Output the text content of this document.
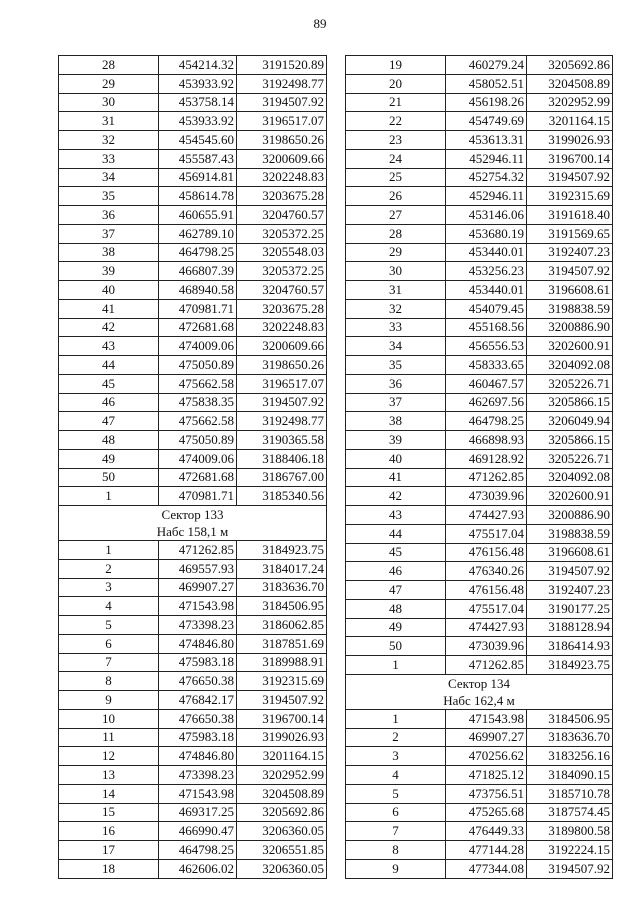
89
28	454214.32	3191520.89
29	453933.92	3192498.77
30	453758.14	3194507.92
31	453933.92	3196517.07
32	454545.60	3198650.26
33	455587.43	3200609.66
34	456914.81	3202248.83
35	458614.78	3203675.28
36	460655.91	3204760.57
37	462789.10	3205372.25
38	464798.25	3205548.03
39	466807.39	3205372.25
40	468940.58	3204760.57
41	470981.71	3203675.28
42	472681.68	3202248.83
43	474009.06	3200609.66
44	475050.89	3198650.26
45	475662.58	3196517.07
46	475838.35	3194507.92
47	475662.58	3192498.77
48	475050.89	3190365.58
49	474009.06	3188406.18
50	472681.68	3186767.00
1	470981.71	3185340.56

Сектор 133
Набс 158,1 м		

1	471262.85	3184923.75
2	469557.93	3184017.24
3	469907.27	3183636.70
4	471543.98	3184506.95
5	473398.23	3186062.85
6	474846.80	3187851.69
7	475983.18	3189988.91
8	476650.38	3192315.69
9	476842.17	3194507.92
10	476650.38	3196700.14
11	475983.18	3199026.93
12	474846.80	3201164.15
13	473398.23	3202952.99
14	471543.98	3204508.89
15	469317.25	3205692.86
16	466990.47	3206360.05
17	464798.25	3206551.85
18	462606.02	3206360.05
19	460279.24	3205692.86
20	458052.51	3204508.89
21	456198.26	3202952.99
22	454749.69	3201164.15
23	453613.31	3199026.93
24	452946.11	3196700.14
25	452754.32	3194507.92
26	452946.11	3192315.69
27	453146.06	3191618.40
28	453680.19	3191569.65
29	453440.01	3192407.23
30	453256.23	3194507.92
31	453440.01	3196608.61
32	454079.45	3198838.59
33	455168.56	3200886.90
34	456556.53	3202600.91
35	458333.65	3204092.08
36	460467.57	3205226.71
37	462697.56	3205866.15
38	464798.25	3206049.94
39	466898.93	3205866.15
40	469128.92	3205226.71
41	471262.85	3204092.08
42	473039.96	3202600.91
43	474427.93	3200886.90
44	475517.04	3198838.59
45	476156.48	3196608.61
46	476340.26	3194507.92
47	476156.48	3192407.23
48	475517.04	3190177.25
49	474427.93	3188128.94
50	473039.96	3186414.93
1	471262.85	3184923.75

Сектор 134
Набс 162,4 м		

1	471543.98	3184506.95
2	469907.27	3183636.70
3	470256.62	3183256.16
4	471825.12	3184090.15
5	473756.51	3185710.78
6	475265.68	3187574.45
7	476449.33	3189800.58
8	477144.28	3192224.15
9	477344.08	3194507.92
